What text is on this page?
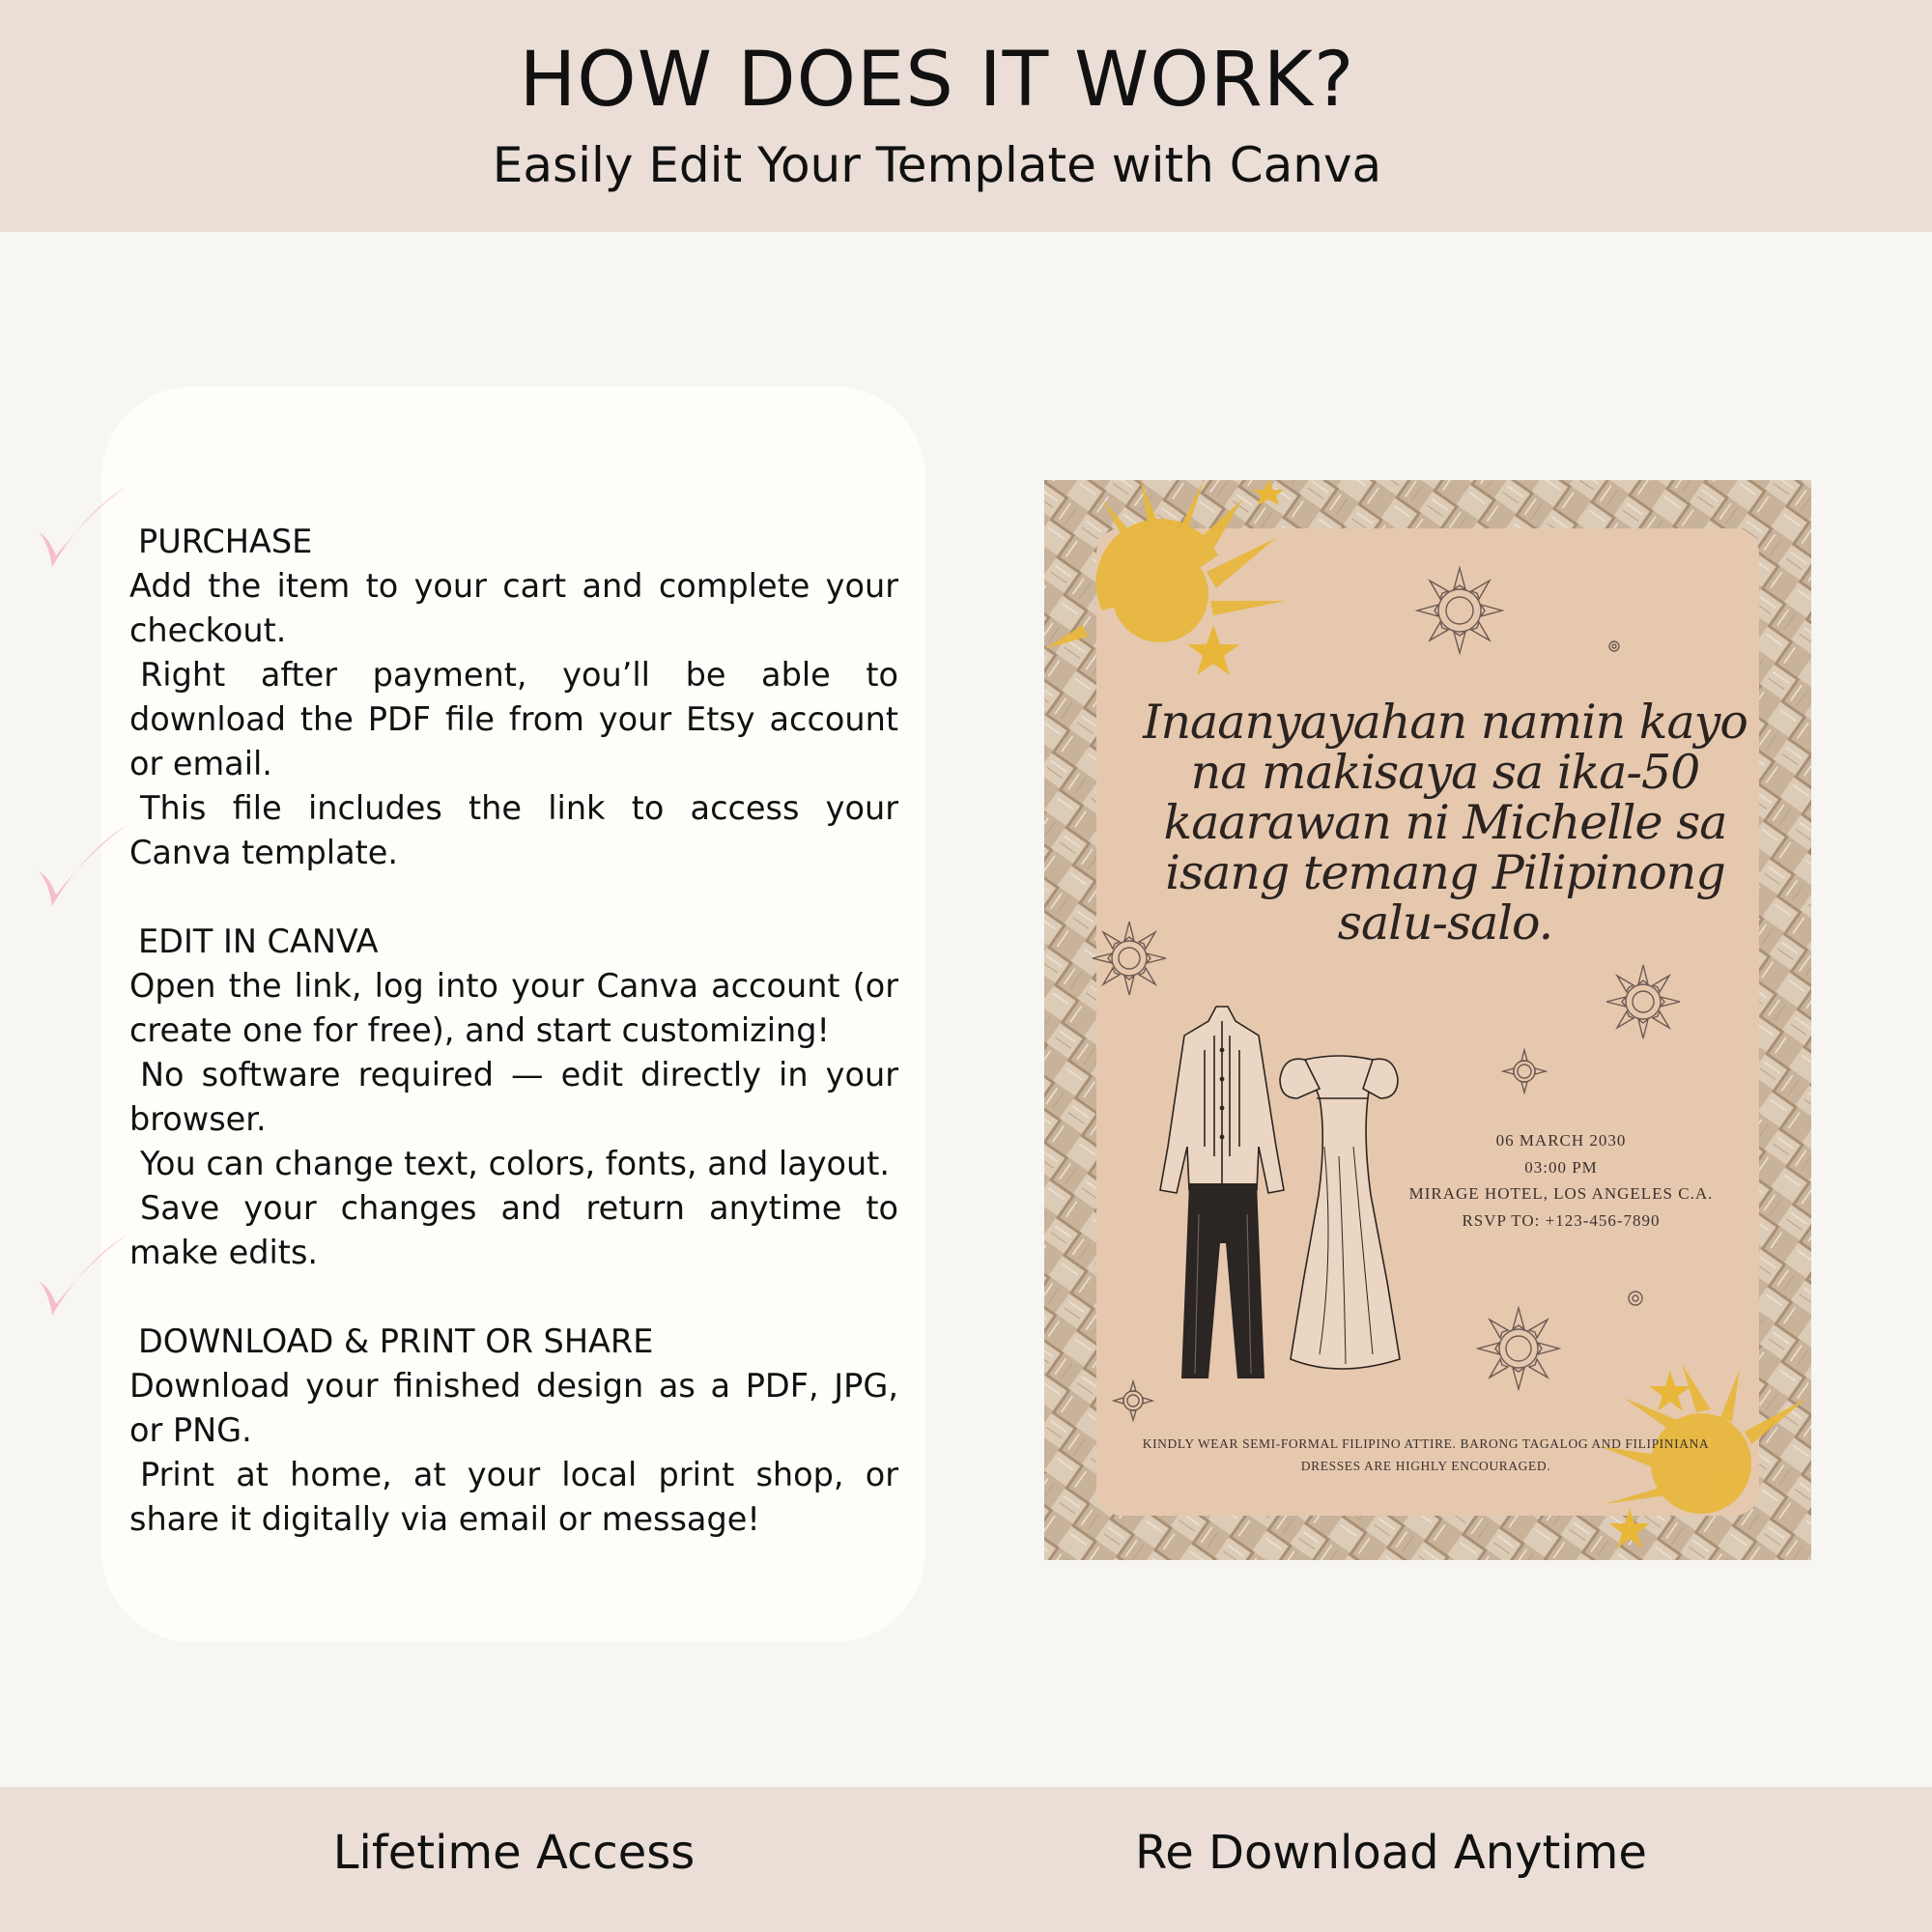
HOW DOES IT WORK?
Easily Edit Your Template with Canva
PURCHASE
Add the item to your cart and complete your checkout.
Right after payment, you’ll be able to download the PDF file from your Etsy account or email.
This file includes the link to access your Canva template.
EDIT IN CANVA
Open the link, log into your Canva account (or create one for free), and start customizing!
No software required — edit directly in your browser.
You can change text, colors, fonts, and layout.
Save your changes and return anytime to make edits.
DOWNLOAD & PRINT OR SHARE
Download your finished design as a PDF, JPG, or PNG.
Print at home, at your local print shop, or share it digitally via email or message!
Inaanyayahan namin kayo na makisaya sa ika-50 kaarawan ni Michelle sa isang temang Pilipinong salu-salo.
06 MARCH 2030
03:00 PM
MIRAGE HOTEL, LOS ANGELES C.A.
RSVP TO: +123-456-7890
KINDLY WEAR SEMI-FORMAL FILIPINO ATTIRE. BARONG TAGALOG AND FILIPINIANA DRESSES ARE HIGHLY ENCOURAGED.
Lifetime Access	Re Download Anytime
